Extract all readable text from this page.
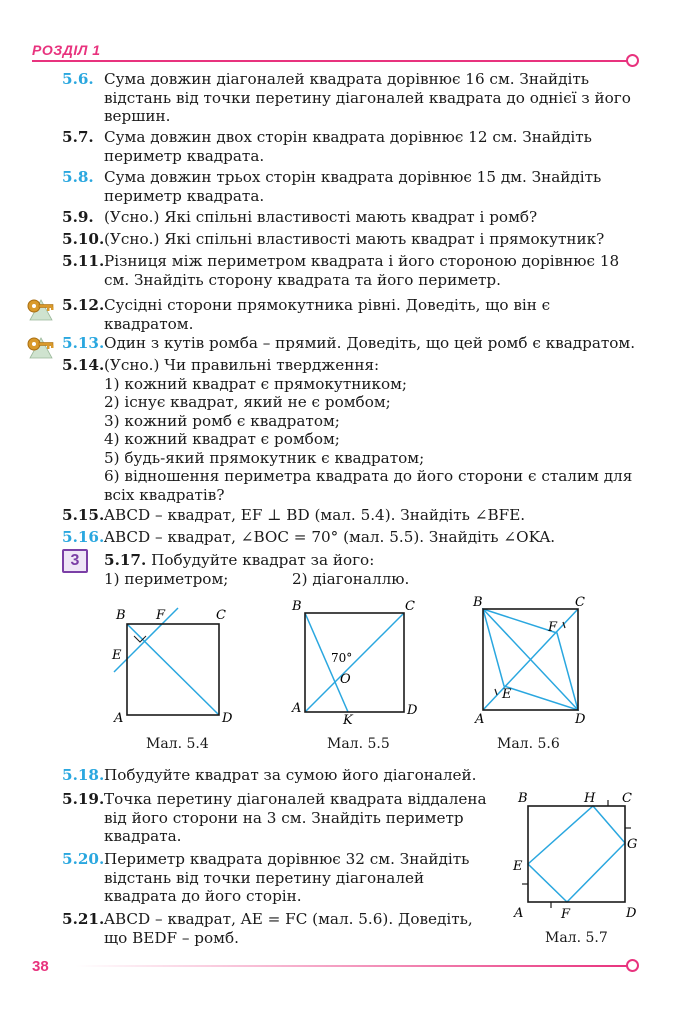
РОЗДІЛ 1
5.6. Сума довжин діагоналей квадрата дорівнює 16 см. Знайдіть відстань від точки перетину діагоналей квадрата до однієї з його вершин.
5.7. Сума довжин двох сторін квадрата дорівнює 12 см. Знайдіть периметр квадрата.
5.8. Сума довжин трьох сторін квадрата дорівнює 15 дм. Знайдіть периметр квадрата.
5.9. (Усно.) Які спільні властивості мають квадрат і ромб?
5.10. (Усно.) Які спільні властивості мають квадрат і прямокутник?
5.11. Різниця між периметром квадрата і його стороною дорівнює 18 см. Знайдіть сторону квадрата та його периметр.
5.12. Сусідні сторони прямокутника рівні. Доведіть, що він є квадратом.
5.13. Один з кутів ромба – прямий. Доведіть, що цей ромб є квадратом.
5.14. (Усно.) Чи правильні твердження:
1) кожний квадрат є прямокутником;
2) існує квадрат, який не є ромбом;
3) кожний ромб є квадратом;
4) кожний квадрат є ромбом;
5) будь-який прямокутник є квадратом;
6) відношення периметра квадрата до його сторони є сталим для всіх квадратів?
5.15. ABCD – квадрат, EF ⊥ BD (мал. 5.4). Знайдіть ∠BFE.
5.16. ABCD – квадрат, ∠BOC = 70° (мал. 5.5). Знайдіть ∠OKA.
3	5.17. Побудуйте квадрат за його:
1) периметром;	2) діагоналлю.
B F	C
E
A	D
Мал. 5.4
B	C
70°
O
A
K
D
Мал. 5.5
B	C
F
E
A	D
Мал. 5.6
5.18. Побудуйте квадрат за сумою його діагоналей.
5.19. Точка перетину діагоналей квадрата віддалена від його сторони на 3 см. Знайдіть периметр квадрата.
5.20. Периметр квадрата дорівнює 32 см. Знайдіть відстань від точки перетину діагоналей квадрата до його сторін.
5.21. ABCD – квадрат, AE = FC (мал. 5.6). Доведіть, що BEDF – ромб.
B	H C
G
E
A	F	D
Мал. 5.7
38
